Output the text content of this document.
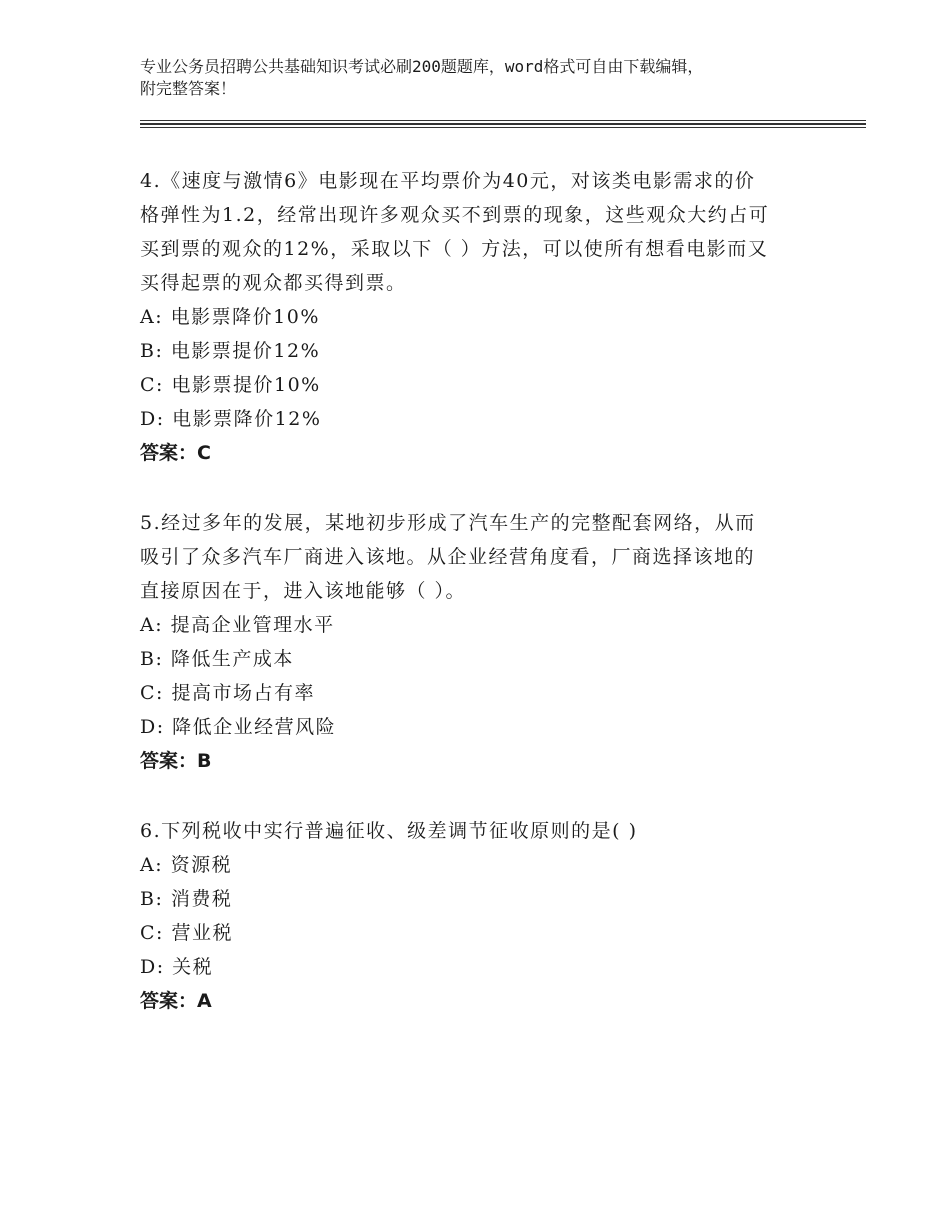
专业公务员招聘公共基础知识考试必刷200题题库，word格式可自由下载编辑，
附完整答案！
4.《速度与激情6》电影现在平均票价为40元，对该类电影需求的价
格弹性为1.2，经常出现许多观众买不到票的现象，这些观众大约占可
买到票的观众的12%，采取以下（ ）方法，可以使所有想看电影而又
买得起票的观众都买得到票。
A: 电影票降价10%
B: 电影票提价12%
C: 电影票提价10%
D: 电影票降价12%
答案：C
5.经过多年的发展，某地初步形成了汽车生产的完整配套网络，从而
吸引了众多汽车厂商进入该地。从企业经营角度看，厂商选择该地的
直接原因在于，进入该地能够（ ）。
A: 提高企业管理水平
B: 降低生产成本
C: 提高市场占有率
D: 降低企业经营风险
答案：B
6.下列税收中实行普遍征收、级差调节征收原则的是( )
A: 资源税
B: 消费税
C: 营业税
D: 关税
答案：A
